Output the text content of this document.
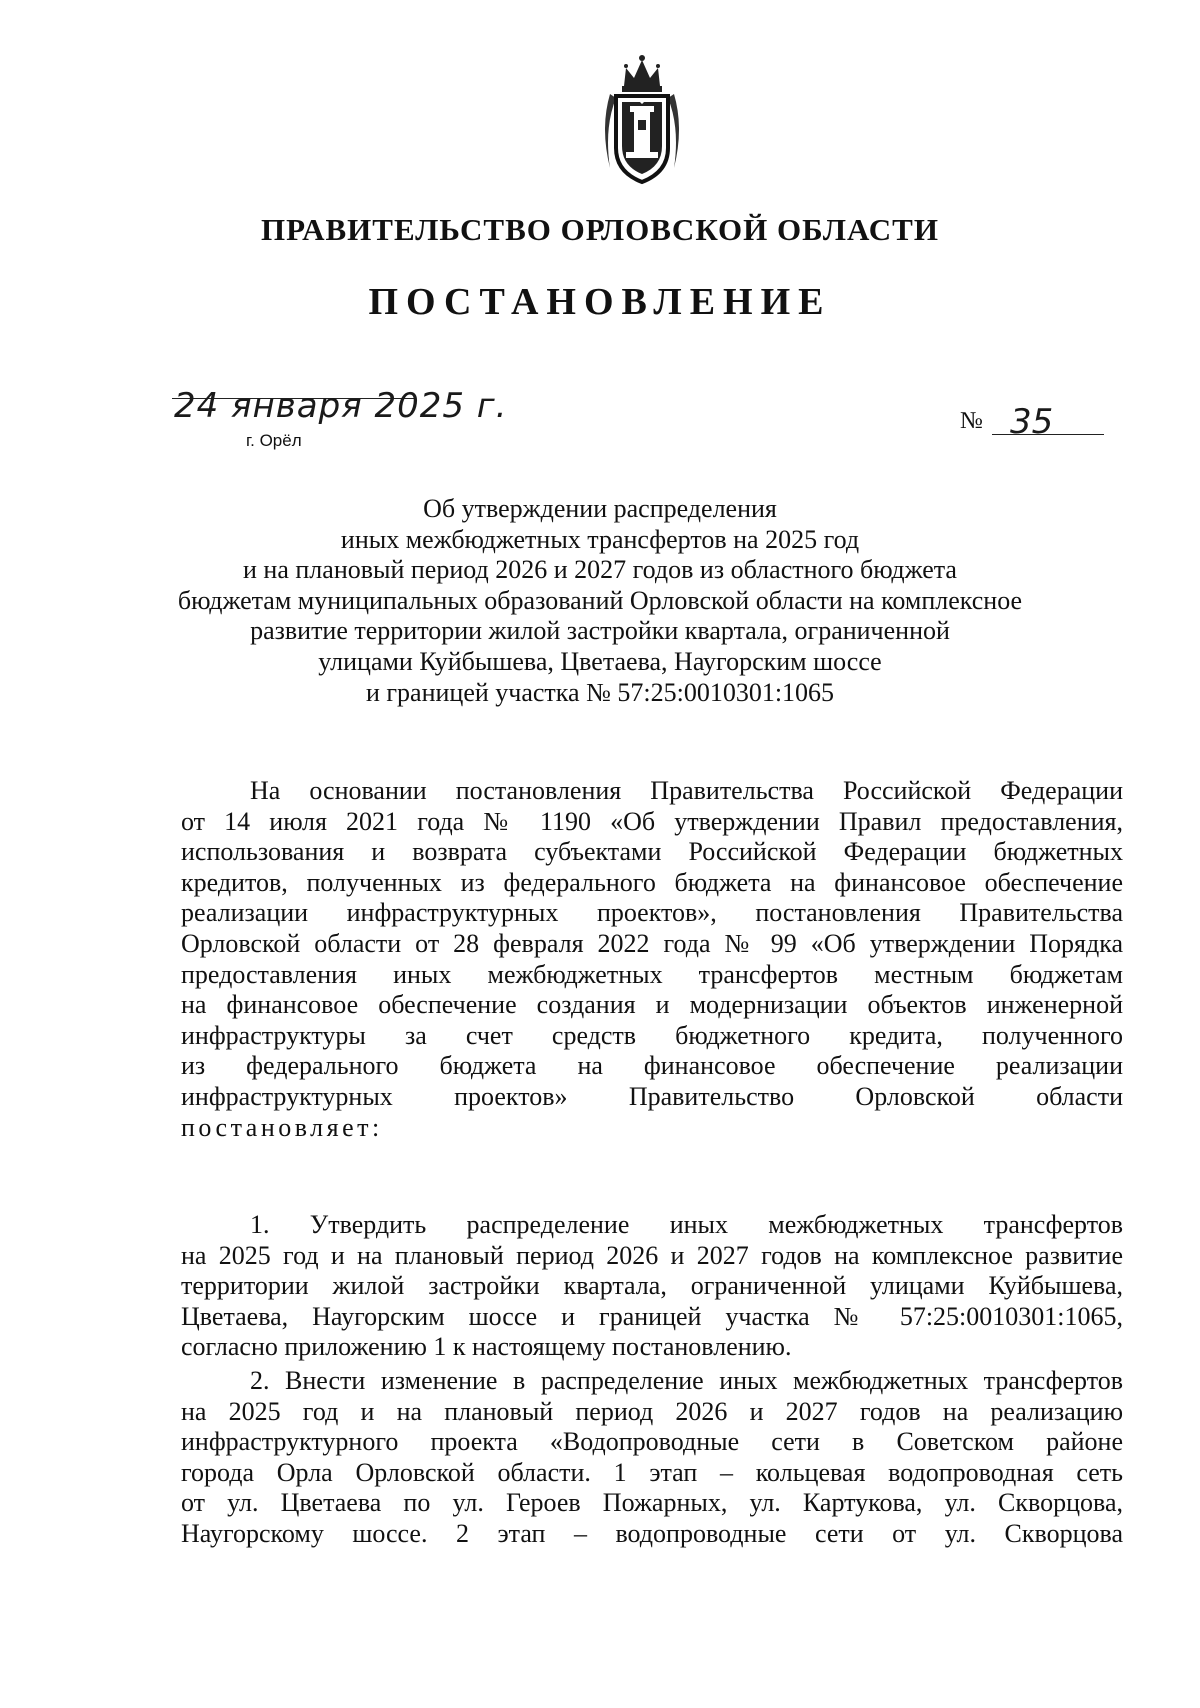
ПРАВИТЕЛЬСТВО ОРЛОВСКОЙ ОБЛАСТИ
ПОСТАНОВЛЕНИЕ
24 января 2025 г.
г. Орёл
№ 35
Об утверждении распределения
иных межбюджетных трансфертов на 2025 год
и на плановый период 2026 и 2027 годов из областного бюджета
бюджетам муниципальных образований Орловской области на комплексное
развитие территории жилой застройки квартала, ограниченной
улицами Куйбышева, Цветаева, Наугорским шоссе
и границей участка № 57:25:0010301:1065
На основании постановления Правительства Российской Федерации
от 14 июля 2021 года № 1190 «Об утверждении Правил предоставления,
использования и возврата субъектами Российской Федерации бюджетных
кредитов, полученных из федерального бюджета на финансовое обеспечение
реализации инфраструктурных проектов», постановления Правительства
Орловской области от 28 февраля 2022 года № 99 «Об утверждении Порядка
предоставления иных межбюджетных трансфертов местным бюджетам
на финансовое обеспечение создания и модернизации объектов инженерной
инфраструктуры за счет средств бюджетного кредита, полученного
из федерального бюджета на финансовое обеспечение реализации
инфраструктурных проектов» Правительство Орловской области
постановляет:
1. Утвердить распределение иных межбюджетных трансфертов
на 2025 год и на плановый период 2026 и 2027 годов на комплексное развитие
территории жилой застройки квартала, ограниченной улицами Куйбышева,
Цветаева, Наугорским шоссе и границей участка № 57:25:0010301:1065,
согласно приложению 1 к настоящему постановлению.
2. Внести изменение в распределение иных межбюджетных трансфертов
на 2025 год и на плановый период 2026 и 2027 годов на реализацию
инфраструктурного проекта «Водопроводные сети в Советском районе
города Орла Орловской области. 1 этап – кольцевая водопроводная сеть
от ул. Цветаева по ул. Героев Пожарных, ул. Картукова, ул. Скворцова,
Наугорскому шоссе. 2 этап – водопроводные сети от ул. Скворцова
